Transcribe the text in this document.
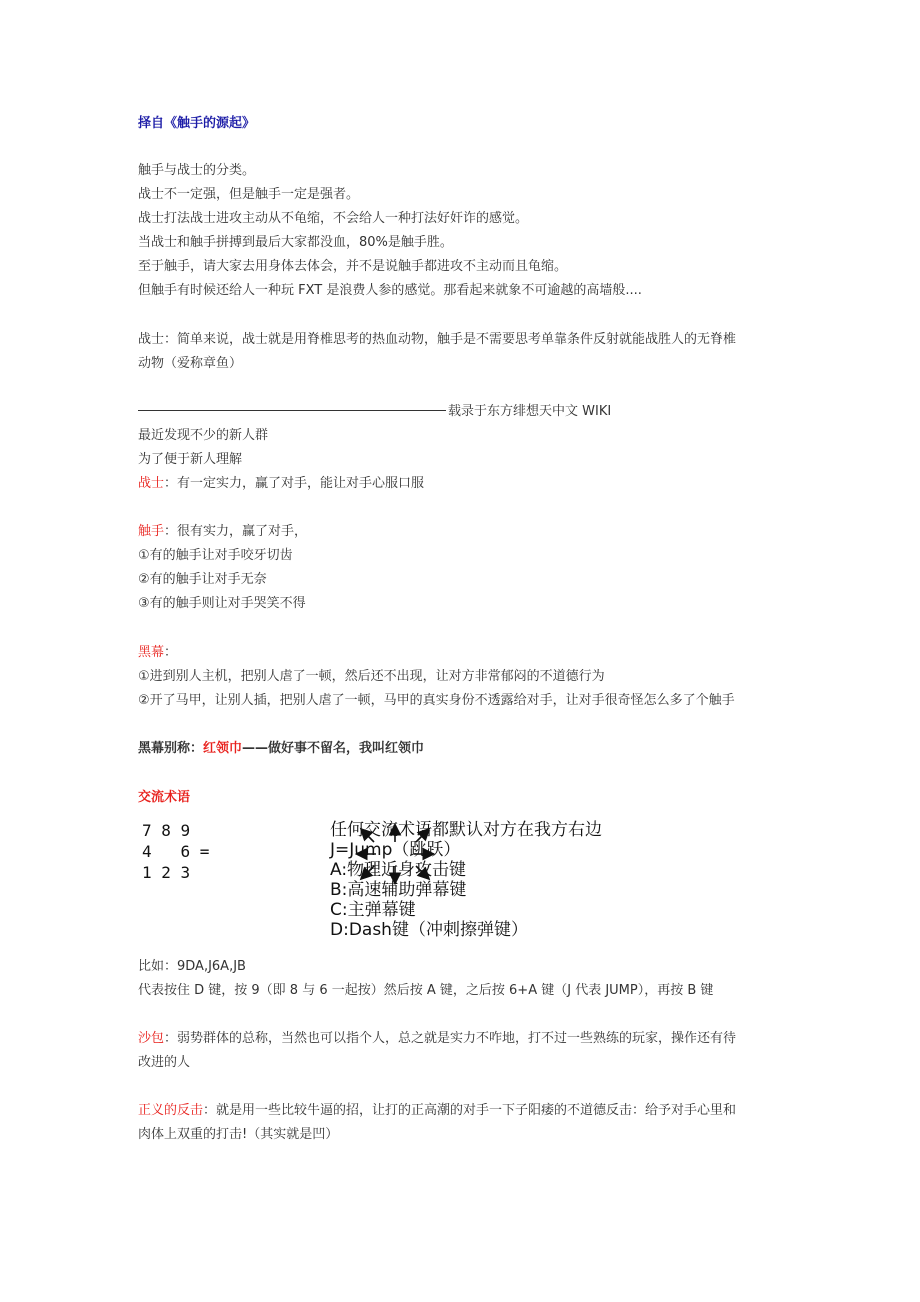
择自《触手的源起》
触手与战士的分类。
战士不一定强，但是触手一定是强者。
战士打法战士进攻主动从不龟缩，不会给人一种打法好奸诈的感觉。
当战士和触手拼搏到最后大家都没血，80%是触手胜。
至于触手，请大家去用身体去体会，并不是说触手都进攻不主动而且龟缩。
但触手有时候还给人一种玩 FXT 是浪费人参的感觉。那看起来就象不可逾越的高墙般....
战士：简单来说，战士就是用脊椎思考的热血动物，触手是不需要思考单靠条件反射就能战胜人的无脊椎
动物（爱称章鱼）
载录于东方绯想天中文 WIKI
最近发现不少的新人群
为了便于新人理解
战士：有一定实力，赢了对手，能让对手心服口服
触手：很有实力，赢了对手，
①有的触手让对手咬牙切齿
②有的触手让对手无奈
③有的触手则让对手哭笑不得
黑幕：
①进到别人主机，把别人虐了一顿，然后还不出现，让对方非常郁闷的不道德行为
②开了马甲，让别人插，把别人虐了一顿，马甲的真实身份不透露给对手，让对手很奇怪怎么多了个触手
黑幕别称：红领巾——做好事不留名，我叫红领巾
交流术语
7 8 9
4   6 =
1 2 3
任何交流术语都默认对方在我方右边
J=Jump（跳跃）
A:物理近身攻击键
B:高速辅助弹幕键
C:主弹幕键
D:Dash键（冲刺擦弹键）
比如：9DA,J6A,JB
代表按住 D 键，按 9（即 8 与 6 一起按）然后按 A 键，之后按 6+A 键（J 代表 JUMP），再按 B 键
沙包：弱势群体的总称，当然也可以指个人，总之就是实力不咋地，打不过一些熟练的玩家，操作还有待
改进的人
正义的反击：就是用一些比较牛逼的招，让打的正高潮的对手一下子阳痿的不道德反击：给予对手心里和
肉体上双重的打击!（其实就是凹）
